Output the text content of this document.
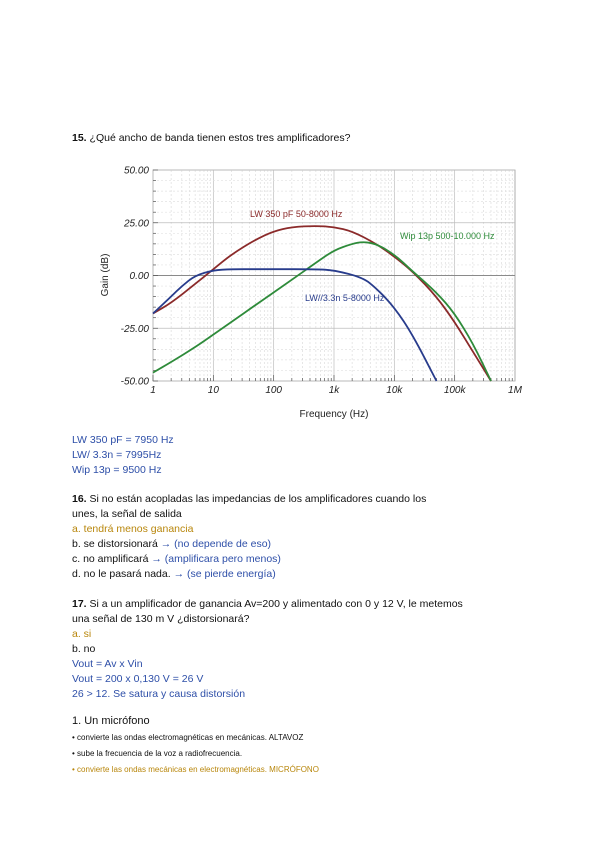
15. ¿Qué ancho de banda tienen estos tres amplificadores?
1	10	100	1k	10k	100k	1M
50.00
25.00
0.00
-25.00
-50.00
Frequency (Hz)
Gain (dB)
LW 350 pF 50-8000 Hz
Wip 13p 500-10.000 Hz
LW//3.3n 5-8000 Hz
LW 350 pF = 7950 Hz
LW/ 3.3n = 7995Hz
Wip 13p = 9500 Hz
16. Si no están acopladas las impedancias de los amplificadores cuando los
unes, la señal de salida
a. tendrá menos ganancia
b. se distorsionará → (no depende de eso)
c. no amplificará → (amplificara pero menos)
d. no le pasará nada. → (se pierde energía)
17. Si a un amplificador de ganancia Av=200 y alimentado con 0 y 12 V, le metemos
una señal de 130 m V ¿distorsionará?
a. si
b. no
Vout = Av x Vin
Vout = 200 x 0,130 V = 26 V
26 > 12. Se satura y causa distorsión
1. Un micrófono
• convierte las ondas electromagnéticas en mecánicas. ALTAVOZ
• sube la frecuencia de la voz a radiofrecuencia.
• convierte las ondas mecánicas en electromagnéticas. MICRÓFONO
